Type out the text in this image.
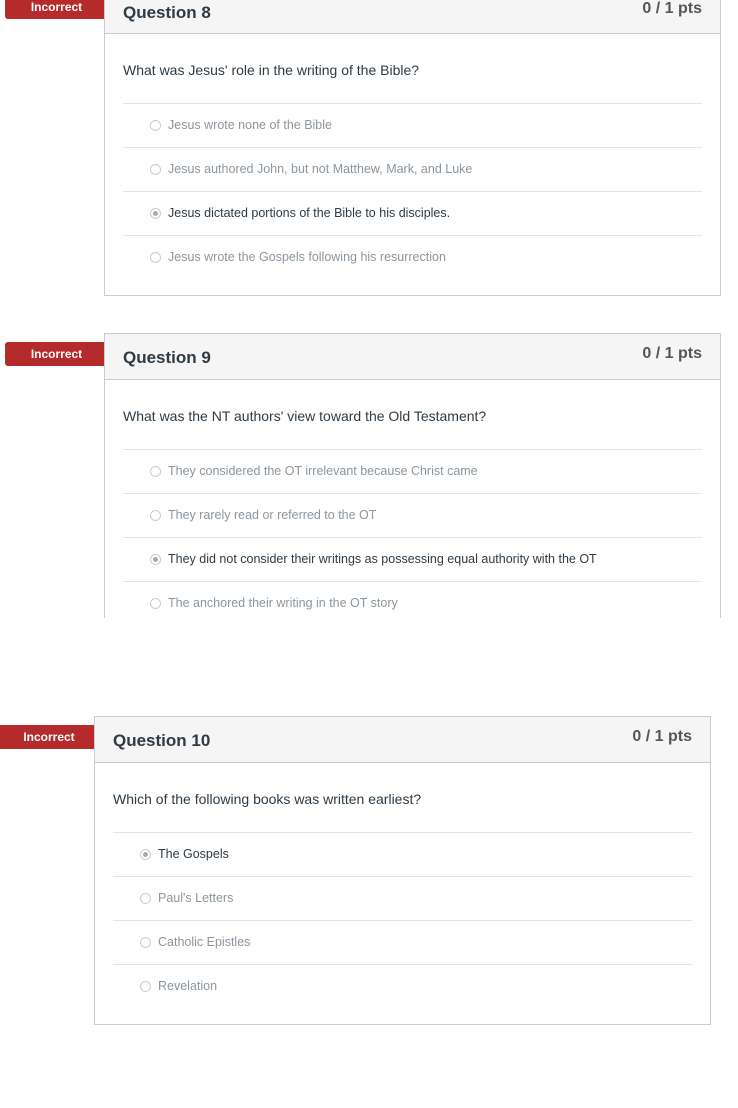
Incorrect	Question 8	0 / 1 pts
What was Jesus' role in the writing of the Bible?
Jesus wrote none of the Bible
Jesus authored John, but not Matthew, Mark, and Luke
Jesus dictated portions of the Bible to his disciples.
Jesus wrote the Gospels following his resurrection
Incorrect	Question 9	0 / 1 pts
What was the NT authors' view toward the Old Testament?
They considered the OT irrelevant because Christ came
They rarely read or referred to the OT
They did not consider their writings as possessing equal authority with the OT
The anchored their writing in the OT story
Incorrect	Question 10	0 / 1 pts
Which of the following books was written earliest?
The Gospels
Paul's Letters
Catholic Epistles
Revelation
